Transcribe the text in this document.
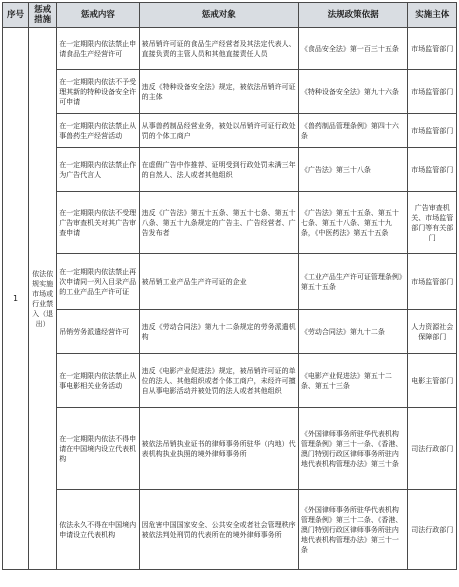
序号	惩戒措施	惩戒内容	惩戒对象	法规政策依据	实施主体
1	依法依规实施市场或行业禁入（退出）	在一定期限内依法禁止申请食品生产经营许可	被吊销许可证的食品生产经营者及其法定代表人、直接负责的主管人员和其他直接责任人员	《食品安全法》第一百三十五条	市场监管部门
		在一定期限内依法不予受理其新的特种设备安全许可申请	违反《特种设备安全法》规定，被依法吊销许可证的主体	《特种设备安全法》第九十六条	市场监管部门
		在一定期限内依法禁止从事兽药生产经营活动	从事兽药制品经营业务，被处以吊销许可证行政处罚的个体工商户	《兽药制品管理条例》第四十六条	市场监管部门
		在一定期限内依法禁止作为广告代言人	在虚假广告中作推荐、证明受到行政处罚未满三年的自然人、法人或者其他组织	《广告法》第三十八条	市场监管部门
		在一定期限内依法不受理广告审查机关对其广告审查申请	违反《广告法》第五十五条、第五十七条、第五十八条、第五十九条规定的广告主、广告经营者、广告发布者	《广告法》第五十五条、第五十七条、第五十八条、第五十九条，《中医药法》第五十五条	广告审查机关、市场监管部门等有关部门
		在一定期限内依法禁止再次申请同一列入目录产品的工业产品生产许可证	被吊销工业产品生产许可证的企业	《工业产品生产许可证管理条例》第五十五条	市场监管部门
		吊销劳务派遣经营许可	违反《劳动合同法》第九十二条规定的劳务派遣机构	《劳动合同法》第九十二条	人力资源社会保障部门
		在一定期限内依法禁止从事电影相关业务活动	违反《电影产业促进法》规定，被吊销许可证的单位的法人、其他组织或者个体工商户，未经许可擅自从事电影活动并被处罚的法人或者其他组织	《电影产业促进法》第五十二条、第五十三条	电影主管部门
		在一定期限内依法不得申请在中国境内设立代表机构	被依法吊销执业证书的律师事务所驻华（内地）代表机构执业执照的境外律师事务所	《外国律师事务所驻华代表机构管理条例》第三十一条、《香港、澳门特别行政区律师事务所驻内地代表机构管理办法》第三十条	司法行政部门
		依法永久不得在中国境内申请设立代表机构	因危害中国国家安全、公共安全或者社会管理秩序被依法判处刑罚的代表所在的境外律师事务所	《外国律师事务所驻华代表机构管理条例》第三十二条、《香港、澳门特别行政区律师事务所驻内地代表机构管理办法》第三十一条	司法行政部门
